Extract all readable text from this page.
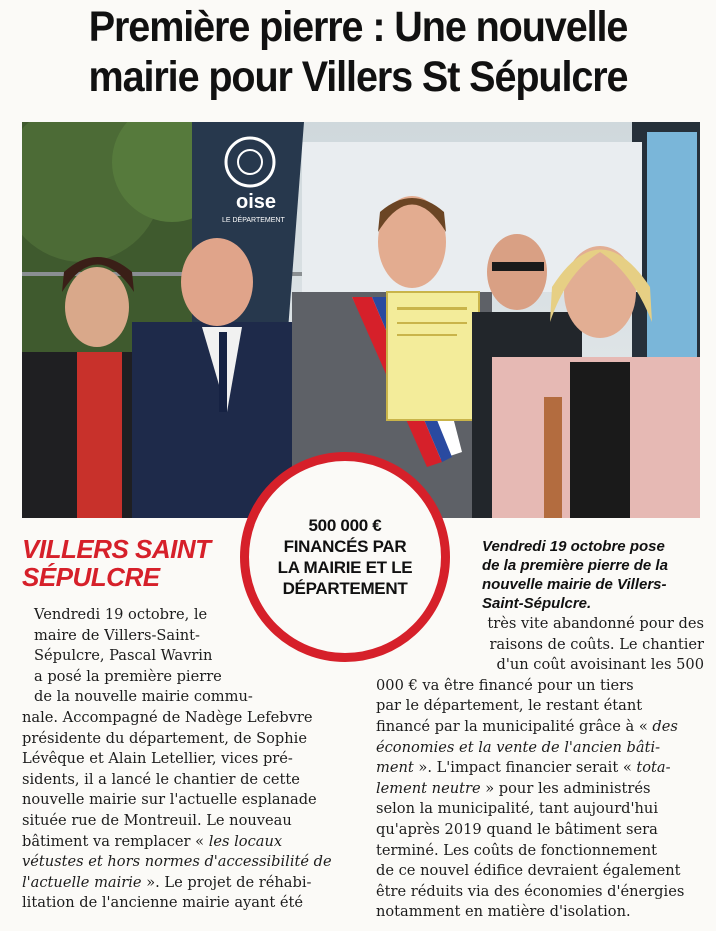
Première pierre : Une nouvelle
mairie pour Villers St Sépulcre
oise
LE DÉPARTEMENT
500 000 €
FINANCÉS PAR
LA MAIRIE ET LE
DÉPARTEMENT
VILLERS SAINT
SÉPULCRE
Vendredi 19 octobre pose
de la première pierre de la
nouvelle mairie de Villers-
Saint-Sépulcre.
Vendredi 19 octobre, le
maire de Villers-Saint-
Sépulcre, Pascal Wavrin
a posé la première pierre
de la nouvelle mairie commu-
nale. Accompagné de Nadège Lefebvre
présidente du département, de Sophie
Lévêque et Alain Letellier, vices pré-
sidents, il a lancé le chantier de cette
nouvelle mairie sur l'actuelle esplanade
située rue de Montreuil. Le nouveau
bâtiment va remplacer « les locaux
vétustes et hors normes d'accessibilité de
l'actuelle mairie ». Le projet de réhabi-
litation de l'ancienne mairie ayant été
très vite abandonné pour des
raisons de coûts. Le chantier
d'un coût avoisinant les 500
000 € va être financé pour un tiers
par le département, le restant étant
financé par la municipalité grâce à « des
économies et la vente de l'ancien bâti-
ment ». L'impact financier serait « tota-
lement neutre » pour les administrés
selon la municipalité, tant aujourd'hui
qu'après 2019 quand le bâtiment sera
terminé. Les coûts de fonctionnement
de ce nouvel édifice devraient également
être réduits via des économies d'énergies
notamment en matière d'isolation.
